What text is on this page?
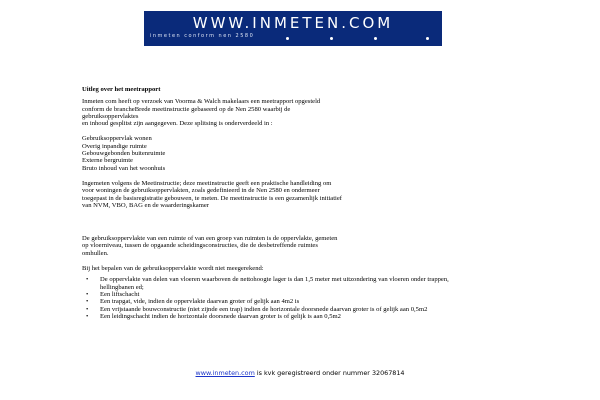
WWW.INMETEN.COM
inmeten conform nen 2580

Uitleg over het meetrapport

Inmeten com heeft op verzoek van Voorma & Walch makelaars een meetrapport opgesteld

conform de brancheBrede meetinstructie gebaseerd op de Nen 2580 waarbij de

gebruiksoppervlaktes

en inhoud gesplitst zijn aangegeven. Deze splitsing is onderverdeeld in :

Gebruiksoppervlak wonen

Overig inpandige ruimte

Gebouwgebonden buitenruimte

Externe bergruimte

Bruto inhoud van het woonhuis

Ingemeten volgens de Meetinstructie; deze meetinstructie geeft een praktische handleiding om

voor woningen de gebruiksoppervlakten, zoals gedefinieerd in de Nen 2580 en ondermeer

toegepast in de basisregistratie gebouwen, te meten. De meetinstructie is een gezamenlijk initiatief

van NVM, VBO, BAG en de waarderingskamer

De gebruiksoppervlakte van een ruimte of van een groep van ruimten is de oppervlakte, gemeten

op vloerniveau, tussen de opgaande scheidingsconstructies, die de desbetreffende ruimtes

omhullen.

Bij het bepalen van de gebruiksoppervlakte wordt niet meegerekend:

•	De oppervlakte van delen van vloeren waarboven de nettohoogte lager is dan 1,5 meter met uitzondering van vloeren onder trappen, hellingbanen ed;
•	Een liftschacht
•	Een trapgat, vide, indien de oppervlakte daarvan groter of gelijk aan 4m2 is
•	Een vrijstaande bouwconstructie (niet zijnde een trap) indien de horizontale doorsnede daarvan groter is of gelijk aan 0,5m2
•	Een leidingschacht indien de horizontale doorsnede daarvan groter is of gelijk is aan 0,5m2
www.inmeten.com is kvk geregistreerd onder nummer 32067814
